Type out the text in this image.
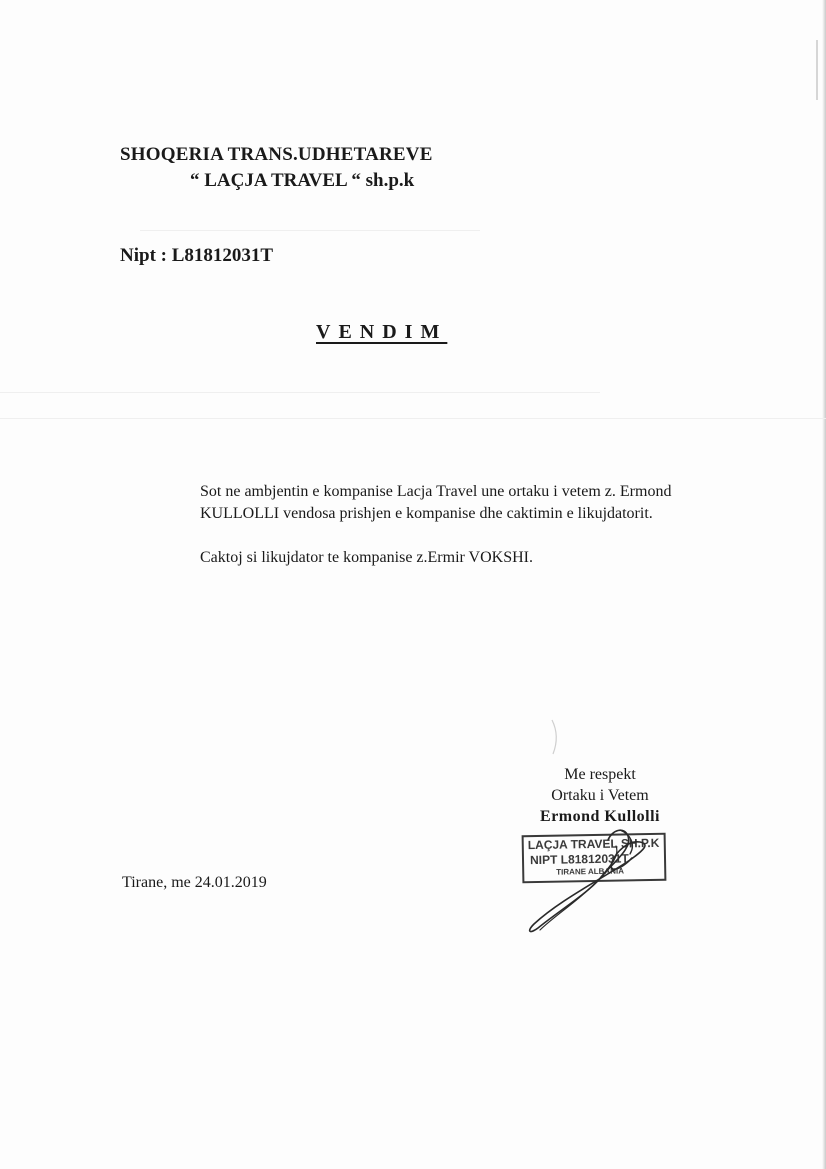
SHOQERIA TRANS.UDHETAREVE
“ LAÇJA TRAVEL “ sh.p.k
Nipt : L81812031T
VENDIM

Sot ne ambjentin e kompanise Lacja Travel une ortaku i vetem z. Ermond KULLOLLI vendosa prishjen e kompanise dhe caktimin e likujdatorit.

Caktoj si likujdator te kompanise z.Ermir VOKSHI.

Me respekt
Ortaku i Vetem
Ermond Kullolli
LAÇJA TRAVEL SH.P.K
NIPT L81812031T
TIRANE ALBANIA
Tirane, me 24.01.2019
